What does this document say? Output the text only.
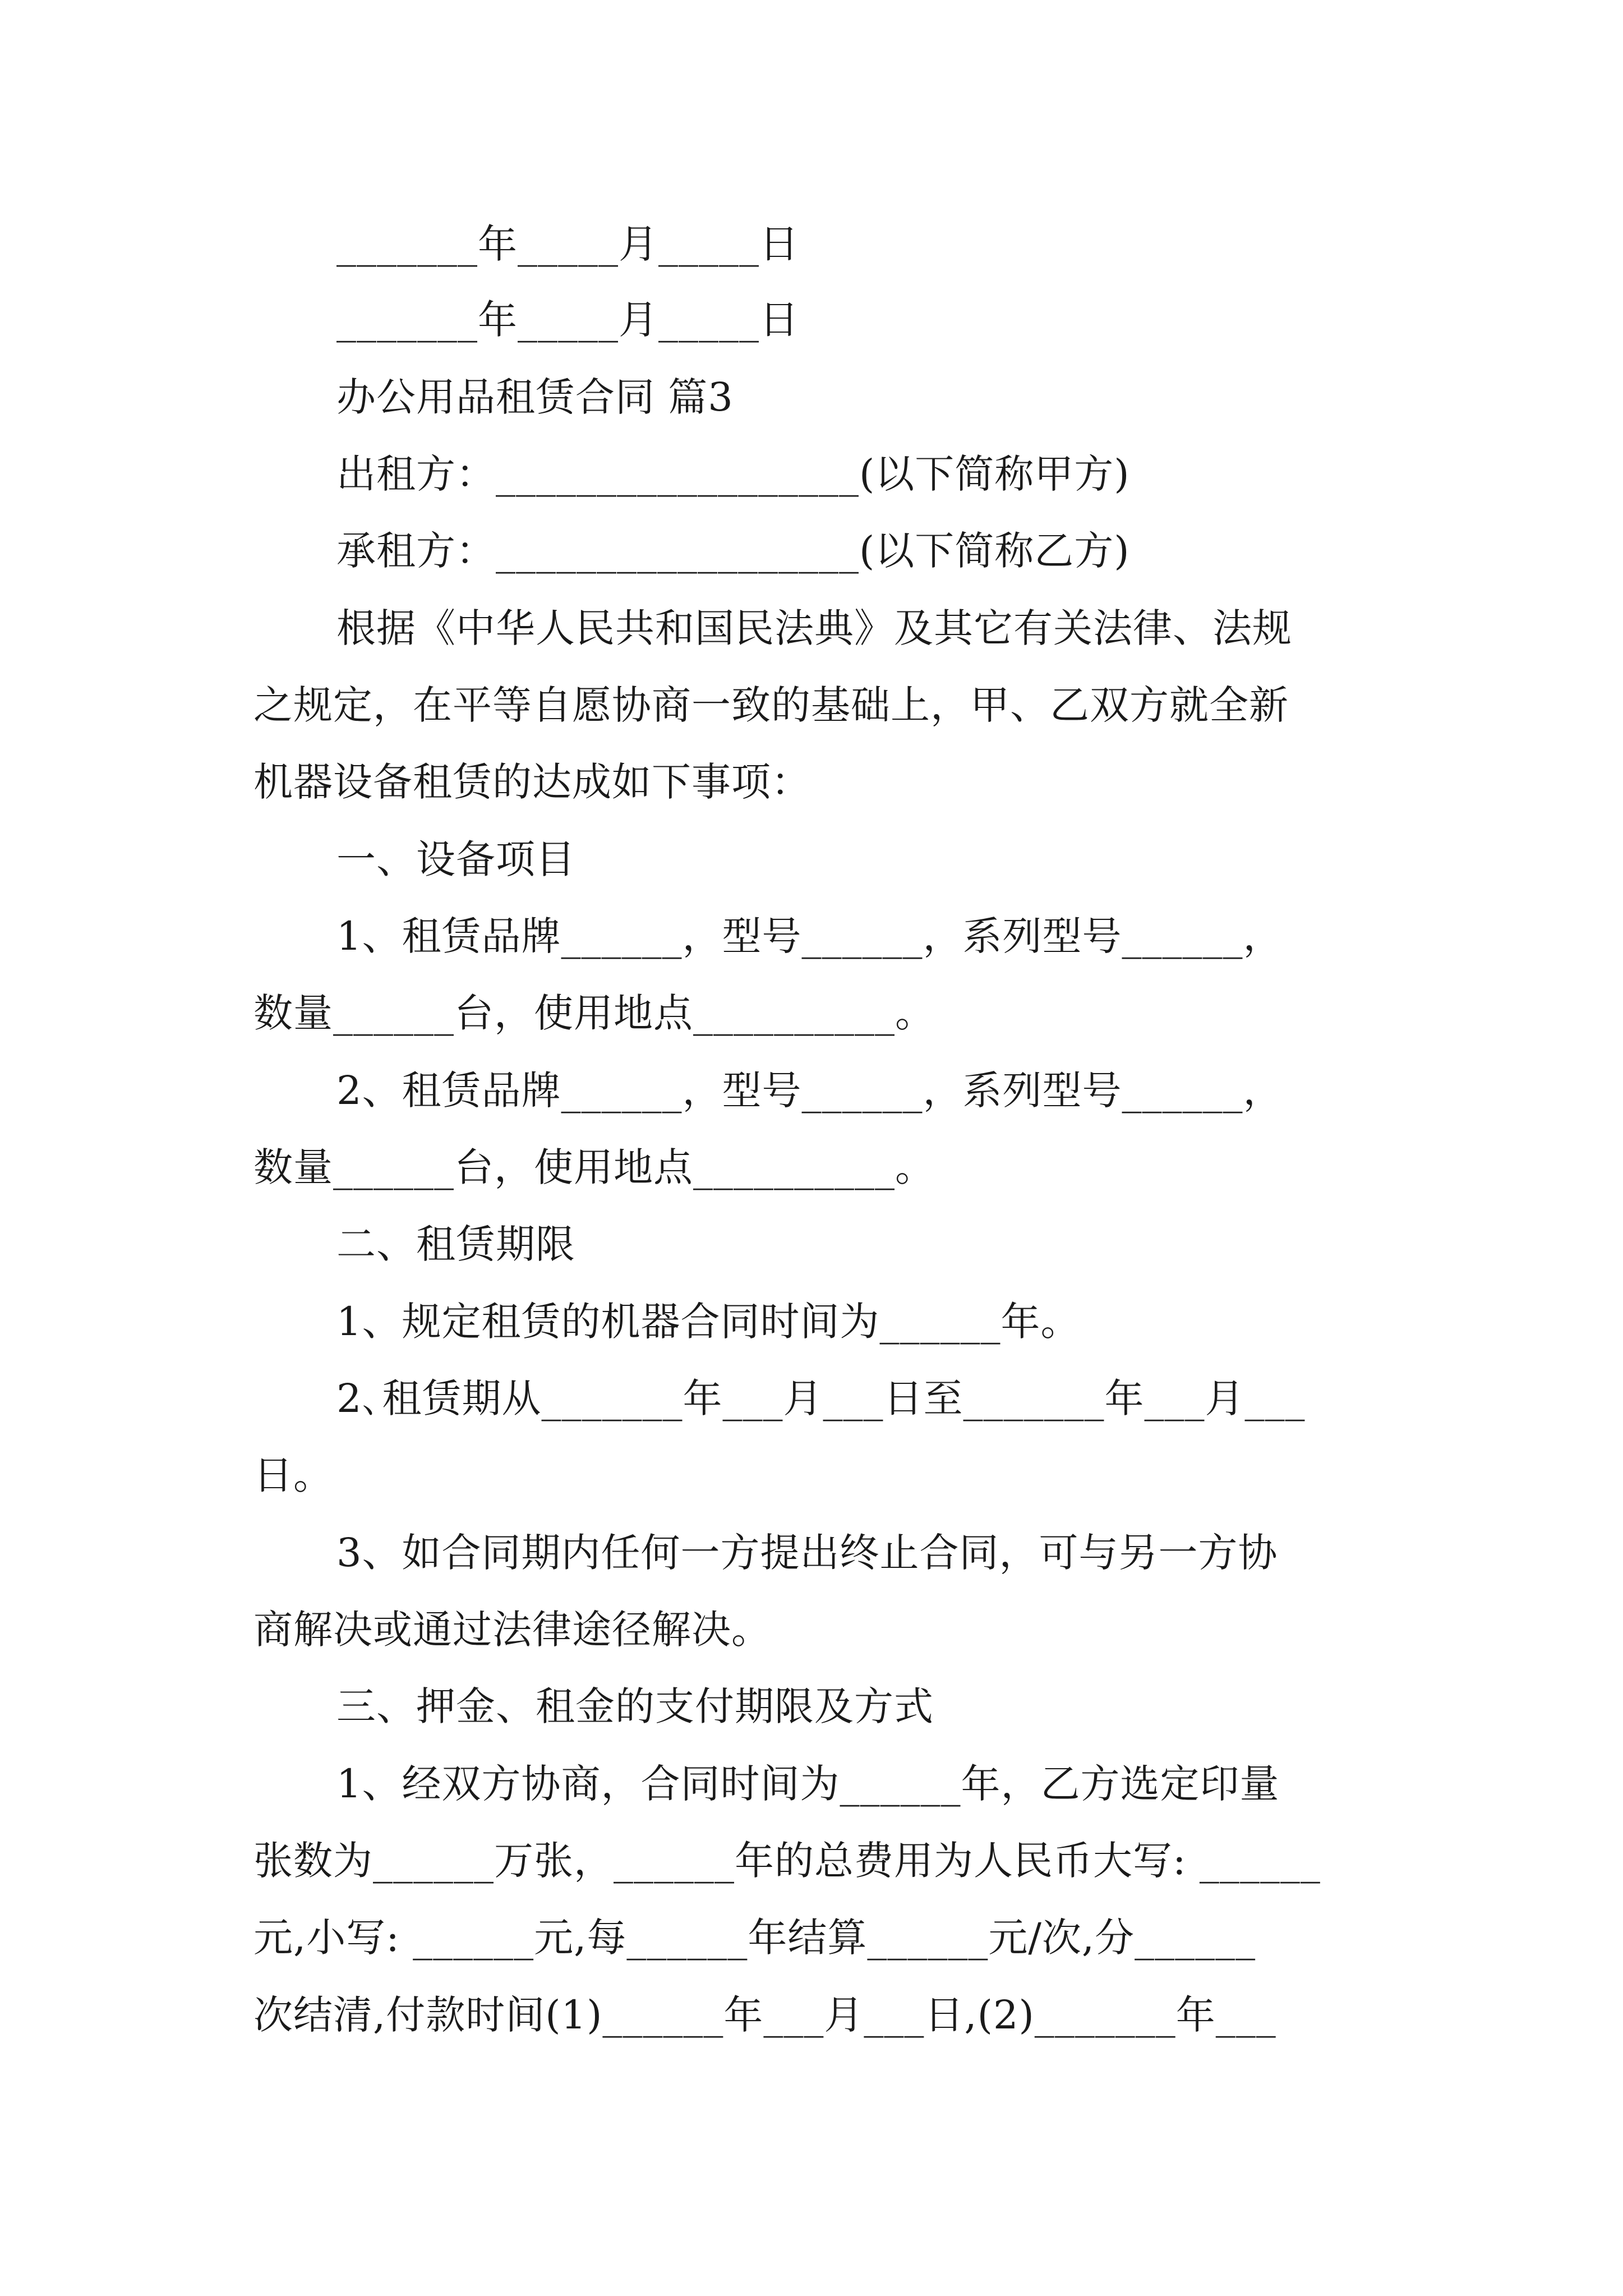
_______年_____月_____日
_______年_____月_____日
办公用品租赁合同 篇3
出租方：__________________(以下简称甲方)
承租方：__________________(以下简称乙方)
根据《中华人民共和国民法典》及其它有关法律、法规
之规定，在平等自愿协商一致的基础上，甲、乙双方就全新
机器设备租赁的达成如下事项：
一、设备项目
1、租赁品牌______，型号______，系列型号______，
数量______台，使用地点__________。
2、租赁品牌______，型号______，系列型号______，
数量______台，使用地点__________。
二、租赁期限
1、规定租赁的机器合同时间为______年。
2､租赁期从_______年___月___日至_______年___月___
日。
3、如合同期内任何一方提出终止合同，可与另一方协
商解决或通过法律途径解决。
三、押金、租金的支付期限及方式
1、经双方协商，合同时间为______年，乙方选定印量
张数为______万张，______年的总费用为人民币大写: ______
元,小写: ______元,每______年结算______元/次,分______
次结清,付款时间(1)______年___月___日,(2)_______年___
